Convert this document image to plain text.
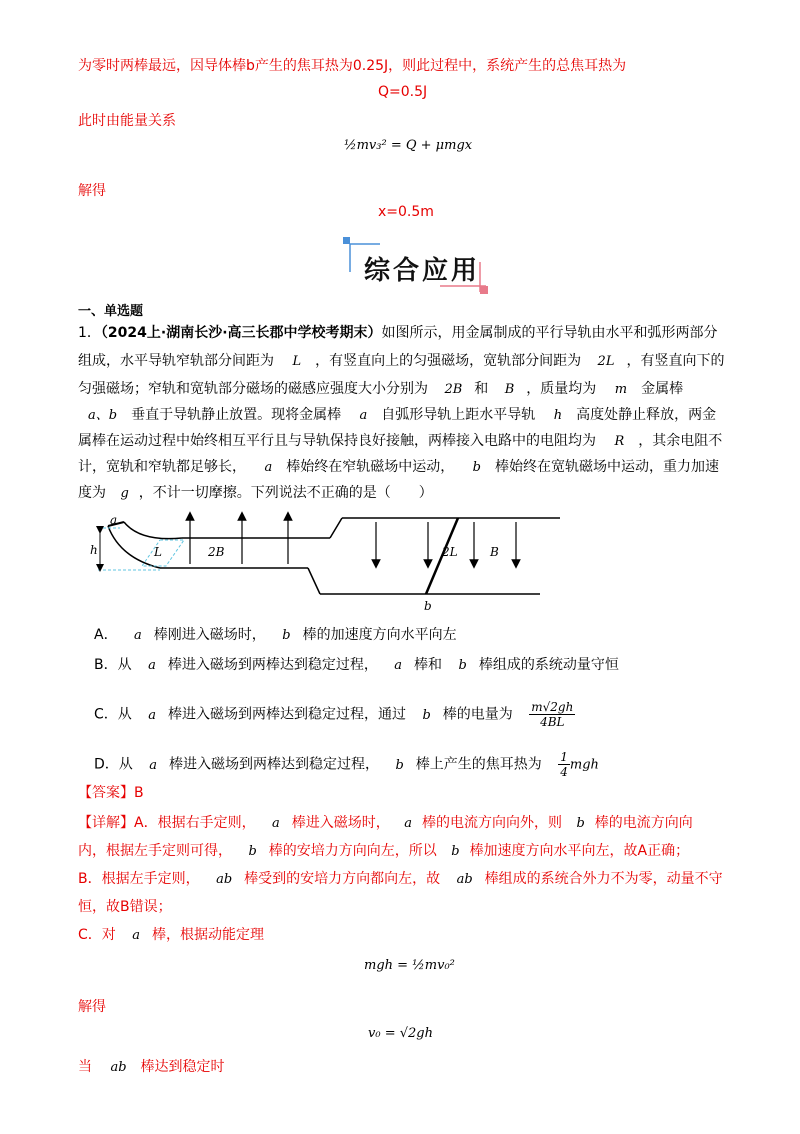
为零时两棒最远，因导体棒b产生的焦耳热为0.25J，则此过程中，系统产生的总焦耳热为
Q=0.5J
此时由能量关系
½mv₃² = Q + μmgx
解得
x=0.5m
综合应用
一、单选题
1．（2024上·湖南长沙·高三长郡中学校考期末）如图所示，用金属制成的平行导轨由水平和弧形两部分
组成，水平导轨窄轨部分间距为 L ，有竖直向上的匀强磁场，宽轨部分间距为 2L ，有竖直向下的
匀强磁场；窄轨和宽轨部分磁场的磁感应强度大小分别为 2B 和 B ，质量均为 m 金属棒
a、b 垂直于导轨静止放置。现将金属棒 a 自弧形导轨上距水平导轨 h 高度处静止释放，两金
属棒在运动过程中始终相互平行且与导轨保持良好接触，两棒接入电路中的电阻均为 R ，其余电阻不
计，宽轨和窄轨都足够长， a 棒始终在窄轨磁场中运动， b 棒始终在宽轨磁场中运动，重力加速
度为 g ，不计一切摩擦。下列说法不正确的是（　　）
a
h	L	2B	2L	B
b
A． a 棒刚进入磁场时， b 棒的加速度方向水平向左
B．从 a 棒进入磁场到两棒达到稳定过程， a 棒和 b 棒组成的系统动量守恒
C．从 a 棒进入磁场到两棒达到稳定过程，通过 b 棒的电量为 $\frac{m√2gh}{4BL}$
D．从 a 棒进入磁场到两棒达到稳定过程， b 棒上产生的焦耳热为 $\frac{1}{4}$ mgh
【答案】B
【详解】A．根据右手定则， a 棒进入磁场时， a 棒的电流方向向外，则 b 棒的电流方向向
内，根据左手定则可得， b 棒的安培力方向向左，所以 b 棒加速度方向水平向左，故A正确；
B．根据左手定则， ab 棒受到的安培力方向都向左，故 ab 棒组成的系统合外力不为零，动量不守
恒，故B错误；
C．对 a 棒，根据动能定理
mgh = ½mv₀²
解得
v₀ = √2gh
当 ab 棒达到稳定时
